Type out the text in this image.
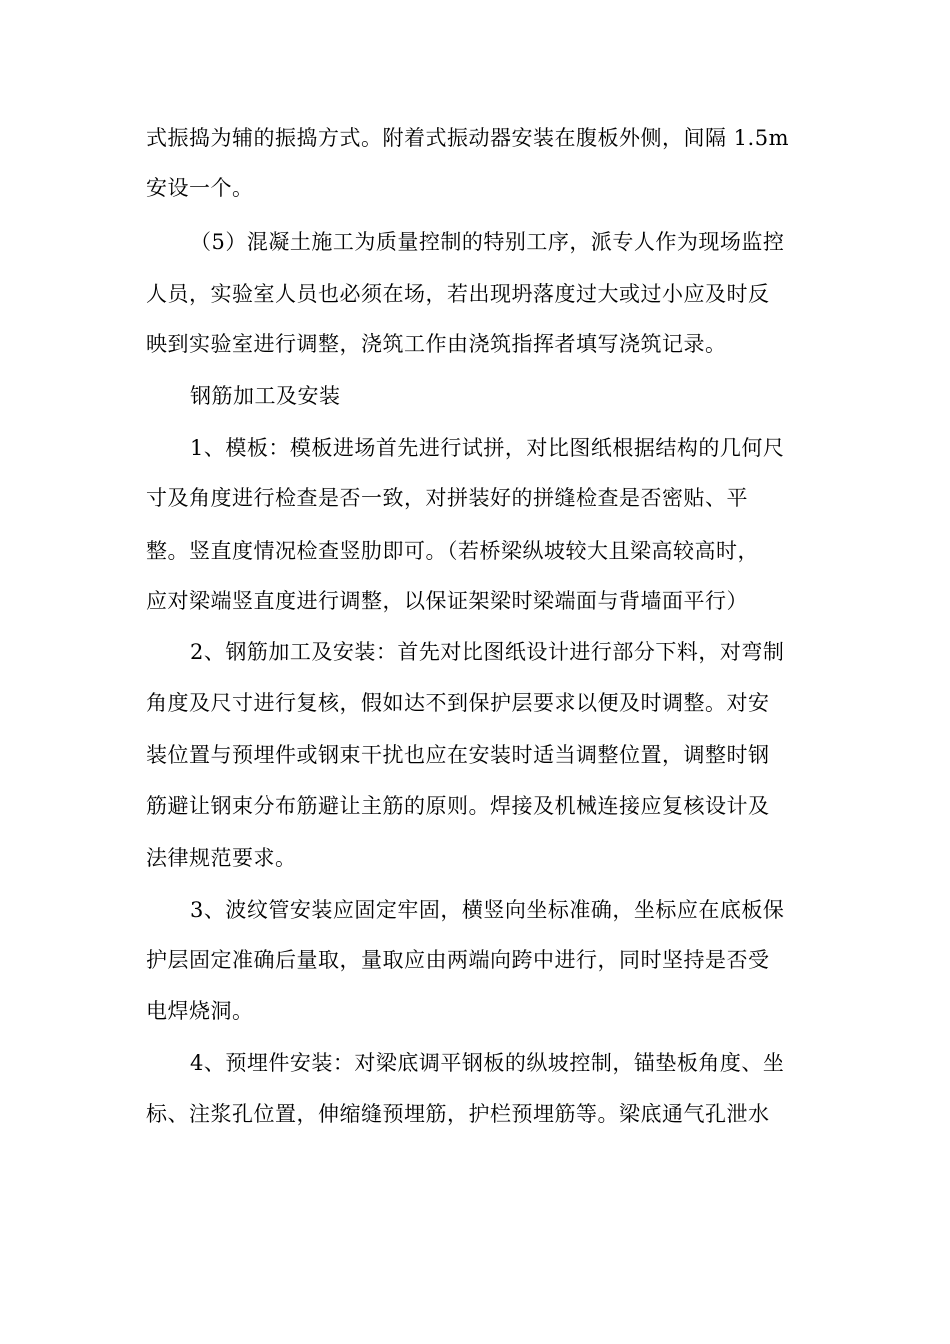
式振捣为辅的振捣方式。附着式振动器安装在腹板外侧，间隔 1.5m
安设一个。
（5）混凝土施工为质量控制的特别工序，派专人作为现场监控
人员，实验室人员也必须在场，若出现坍落度过大或过小应及时反
映到实验室进行调整，浇筑工作由浇筑指挥者填写浇筑记录。
钢筋加工及安装
1、模板：模板进场首先进行试拼，对比图纸根据结构的几何尺
寸及角度进行检查是否一致，对拼装好的拼缝检查是否密贴、平
整。竖直度情况检查竖肋即可。（若桥梁纵坡较大且梁高较高时，
应对梁端竖直度进行调整，以保证架梁时梁端面与背墙面平行）
2、钢筋加工及安装：首先对比图纸设计进行部分下料，对弯制
角度及尺寸进行复核，假如达不到保护层要求以便及时调整。对安
装位置与预埋件或钢束干扰也应在安装时适当调整位置，调整时钢
筋避让钢束分布筋避让主筋的原则。焊接及机械连接应复核设计及
法律规范要求。
3、波纹管安装应固定牢固，横竖向坐标准确，坐标应在底板保
护层固定准确后量取，量取应由两端向跨中进行，同时坚持是否受
电焊烧洞。
4、预埋件安装：对梁底调平钢板的纵坡控制，锚垫板角度、坐
标、注浆孔位置，伸缩缝预埋筋，护栏预埋筋等。梁底通气孔泄水
